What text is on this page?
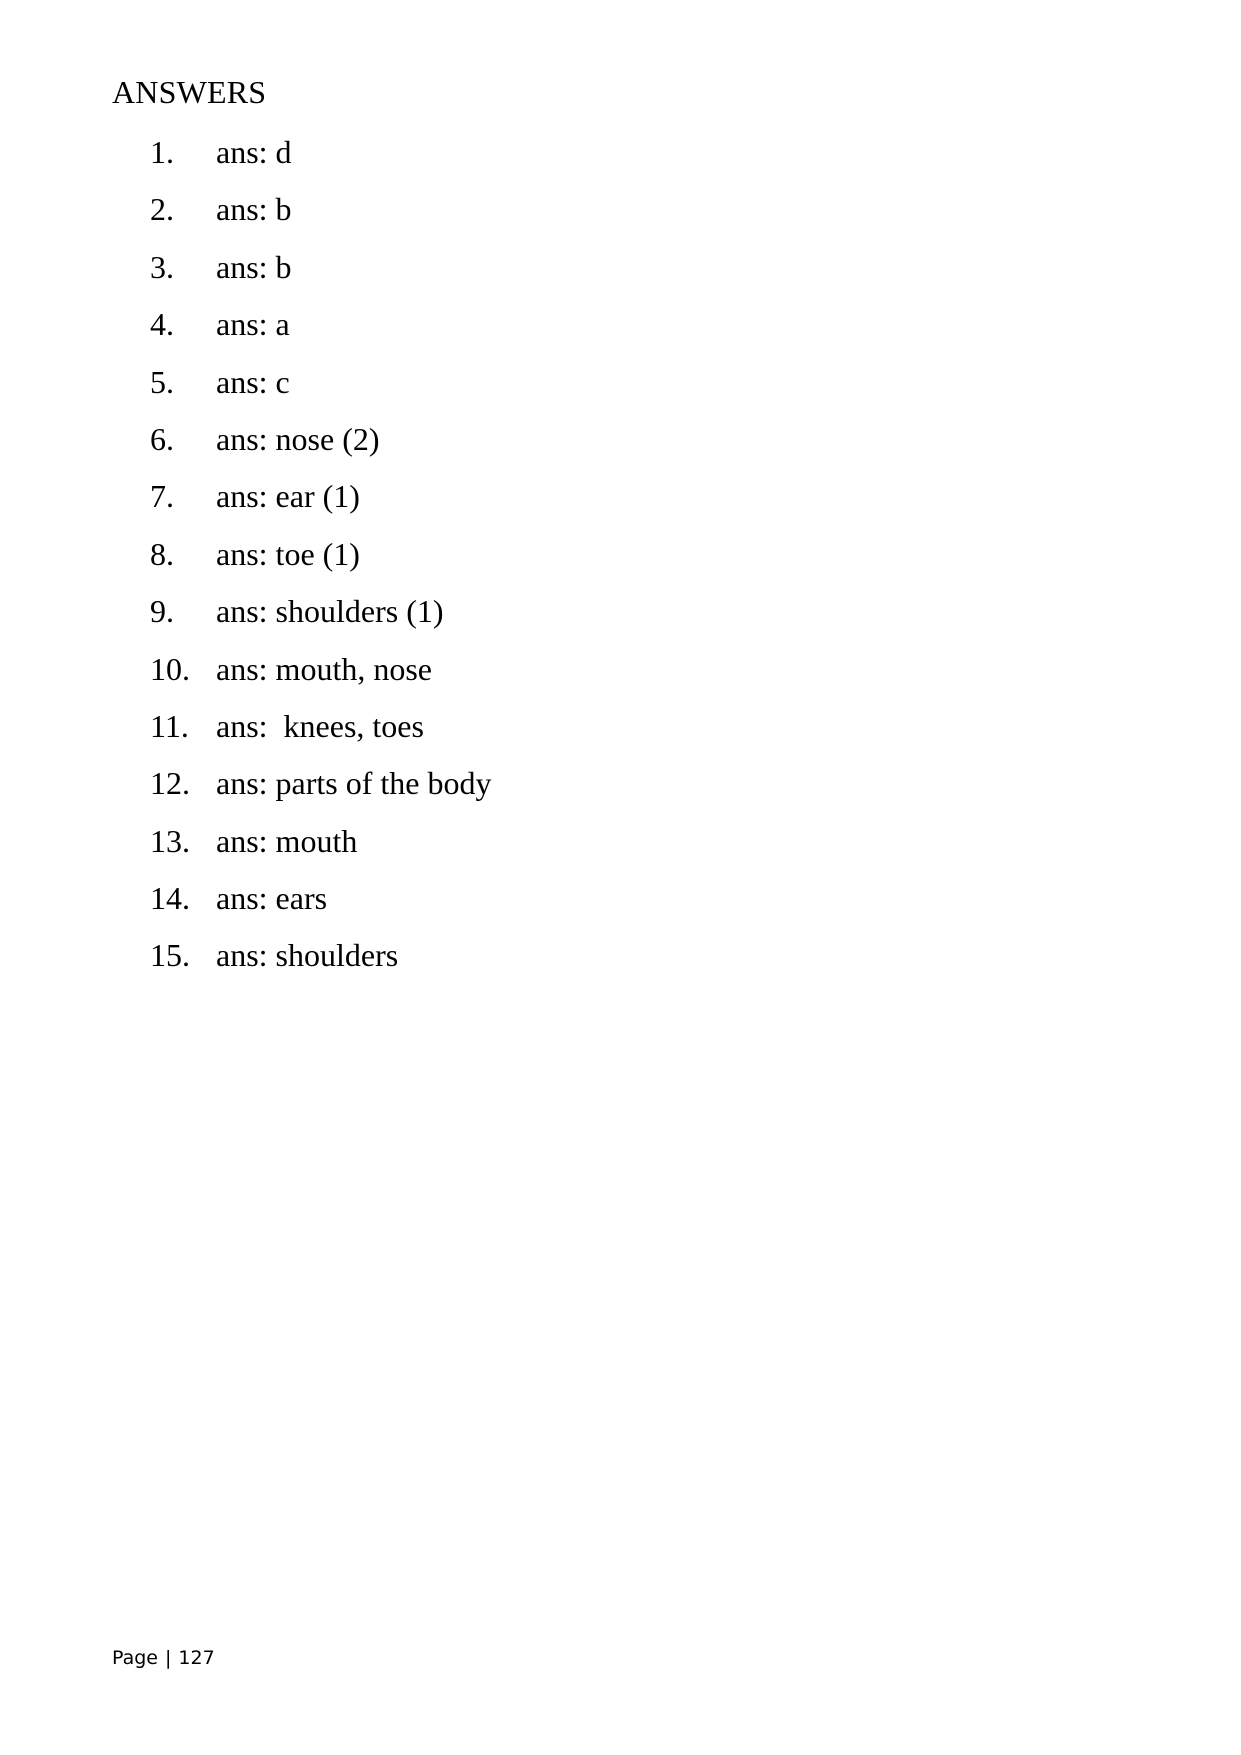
ANSWERS
1. ans: d
2. ans: b
3. ans: b
4. ans: a
5. ans: c
6. ans: nose (2)
7. ans: ear (1)
8. ans: toe (1)
9. ans: shoulders (1)
10. ans: mouth, nose
11. ans:  knees, toes
12. ans: parts of the body
13. ans: mouth
14. ans: ears
15. ans: shoulders
Page | 127
